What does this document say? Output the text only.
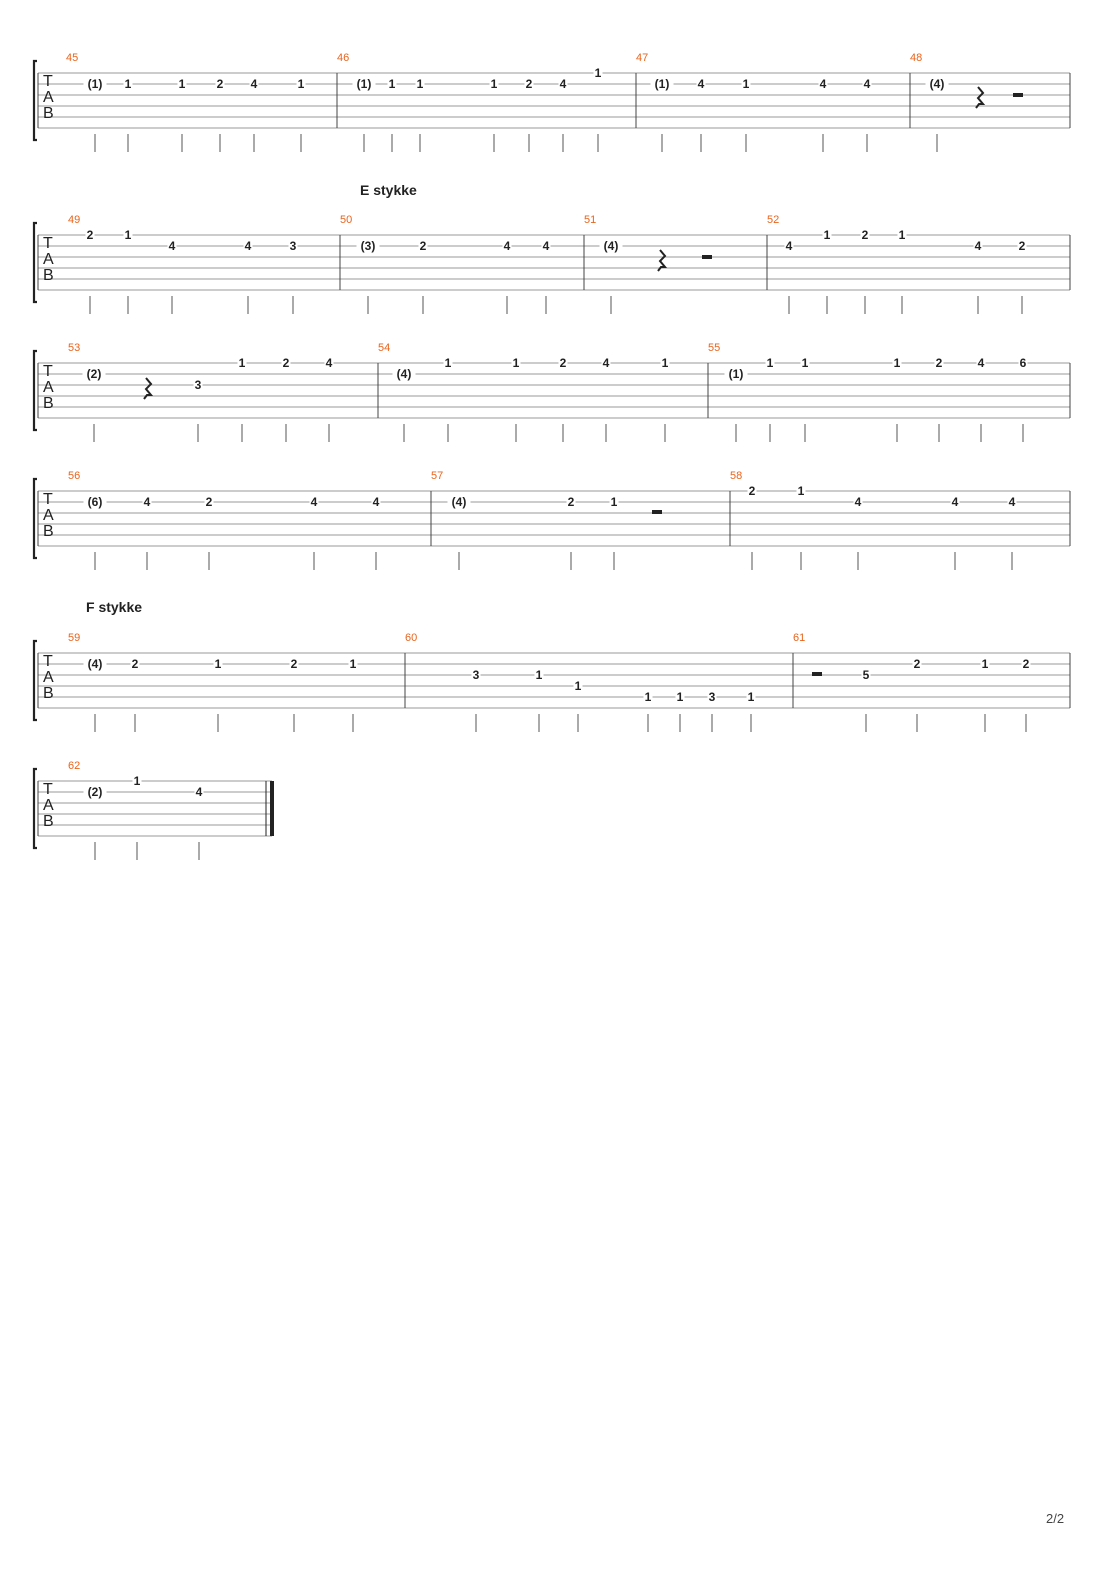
T
A
B
45
(1) 1	1	2 4	1
46
(1) 1 1	1 2 4
1
47
(1) 4	1	4	4
48
(4)
T
A
B
E stykke
49
2	1
4	4	3
50
(3)	2	4	4
51
(4)
52
4
1	2	1
4	2
T
A
B
53
(2)
3
1	2	4
54
(4)
1	1	2	4	1
55
(1)
1 1	1	2	4	6
T
A
B
56
(6)	4	2	4	4
57
(4)	2	1
58
2	1
4	4	4
T
A
B
F stykke
59
(4) 2	1	2	1
60
3	1
1
1 1 3	1
61
5
2	1	2
T
A
B
62
(2)
1
4
2/2
